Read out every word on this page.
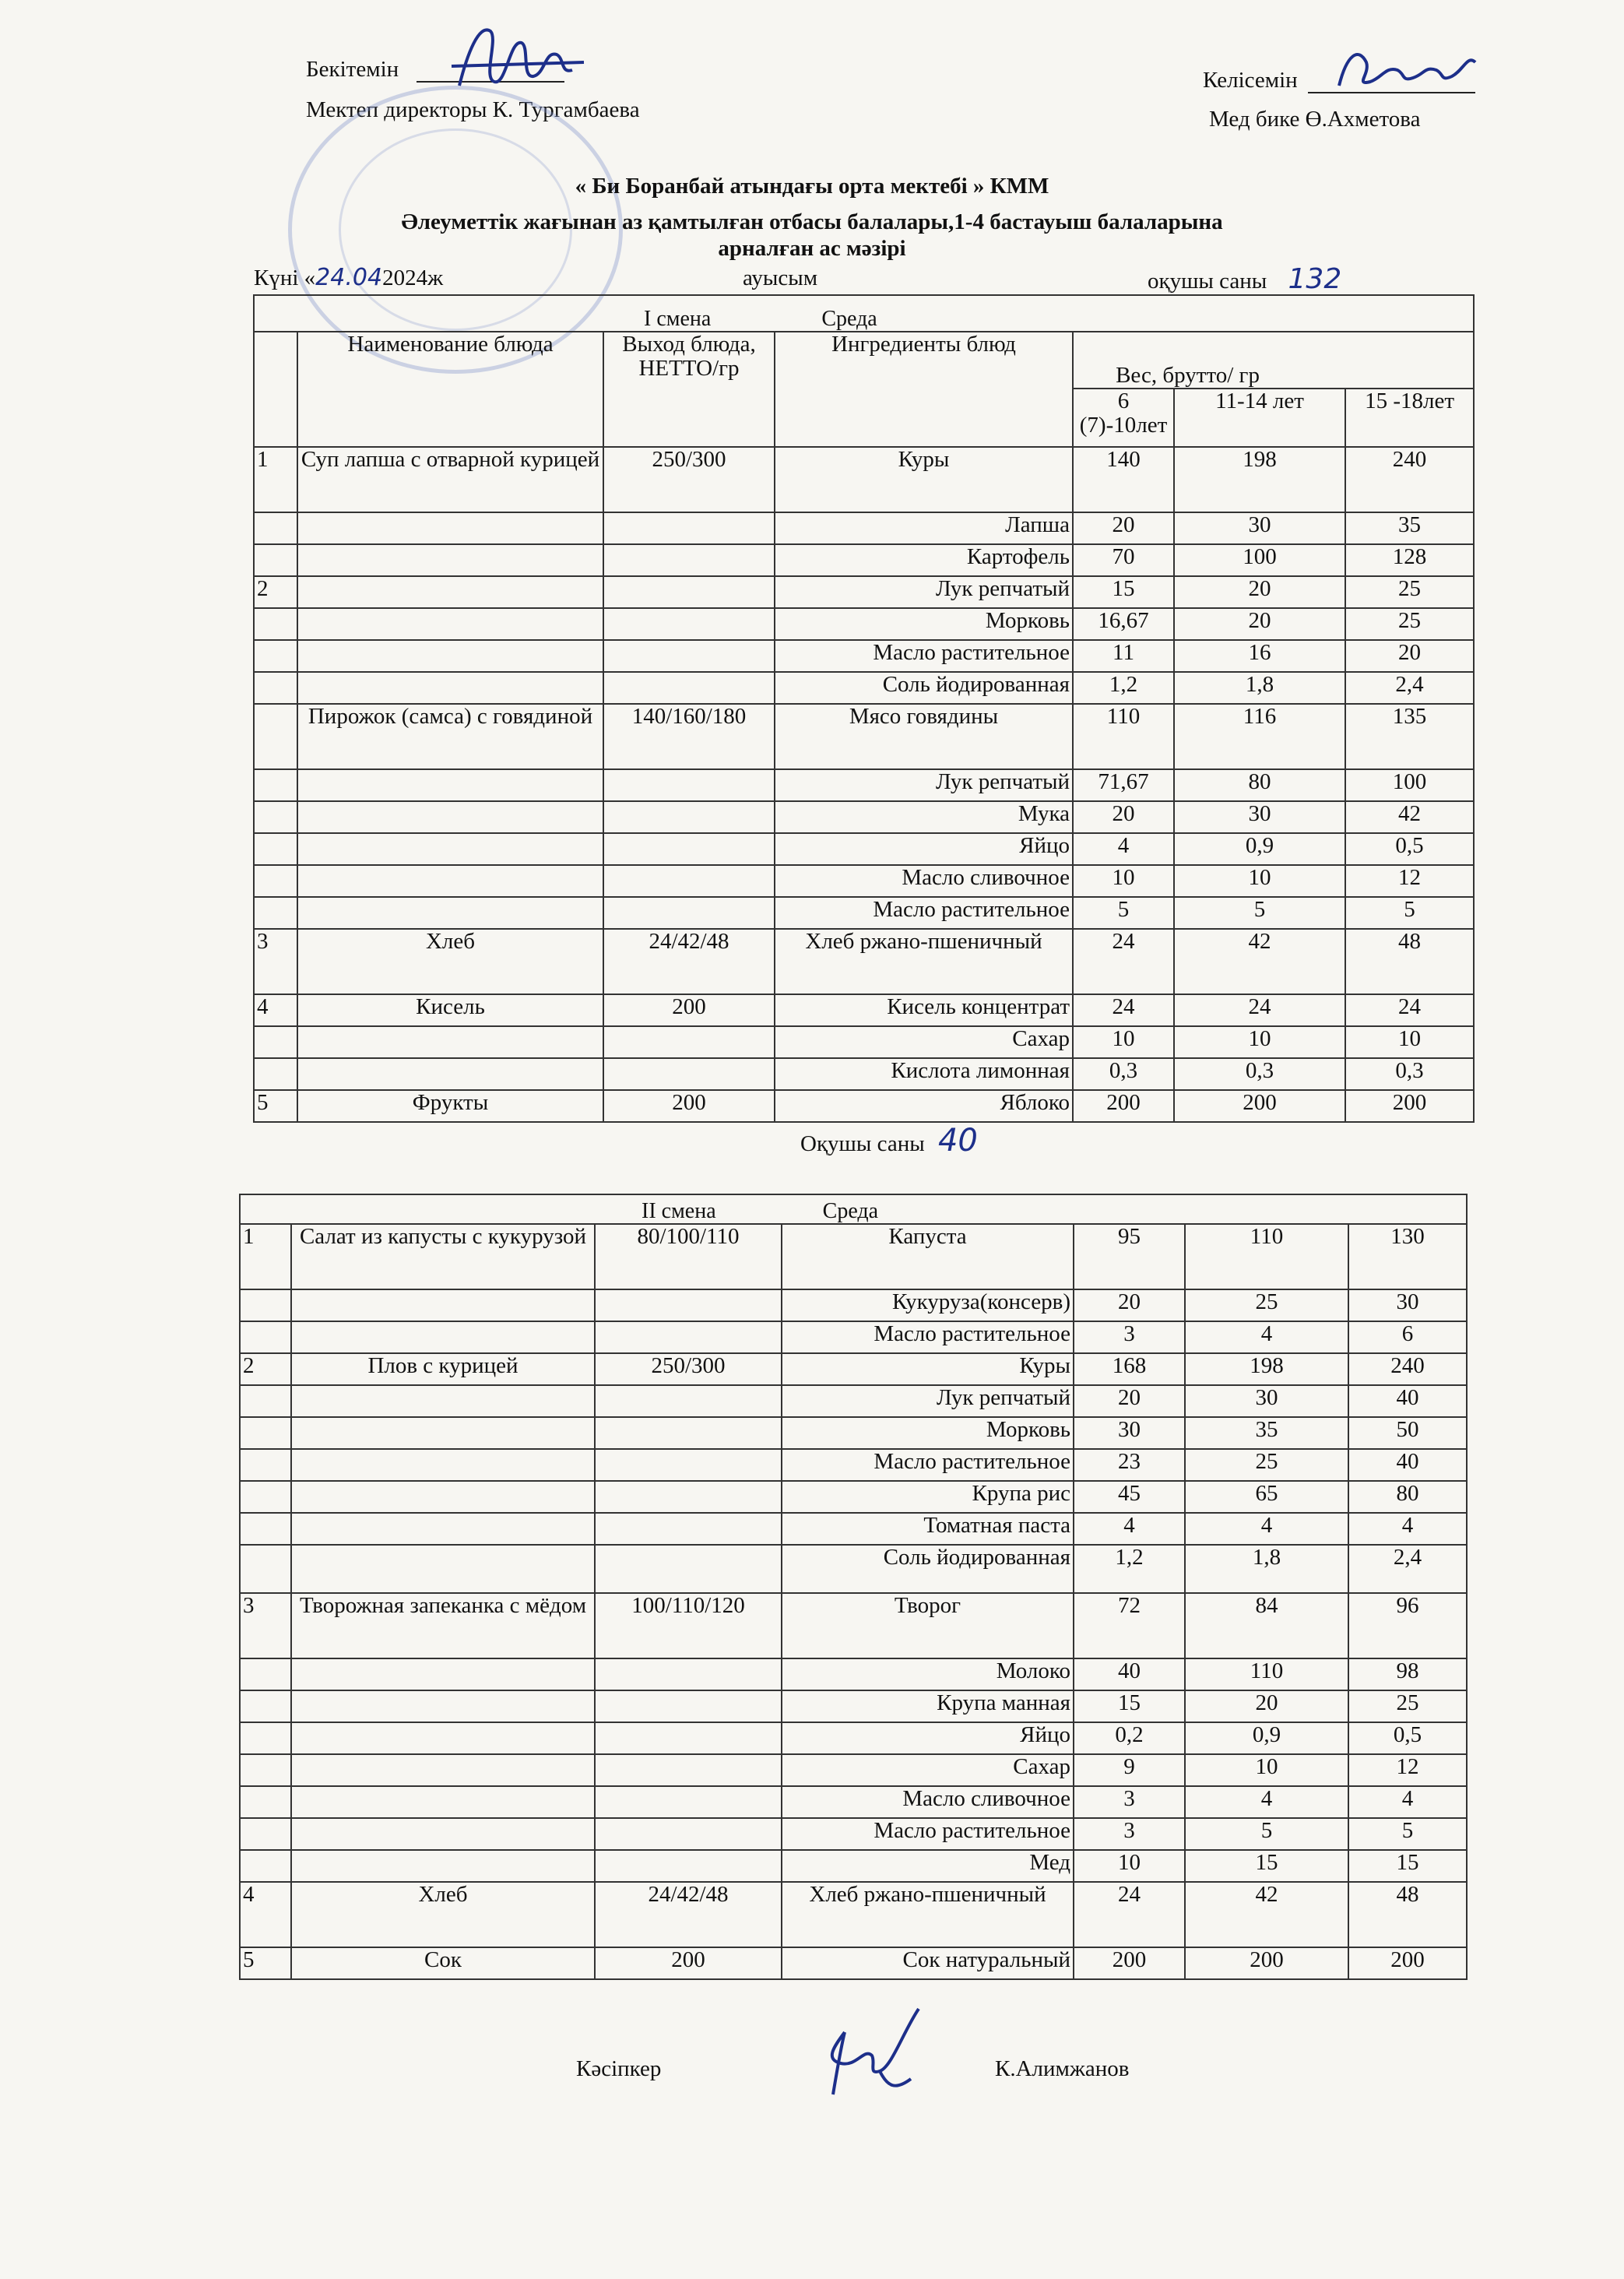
Бекітемін
Мектеп директоры К. Тургамбаева
Келісемін
Мед бике Ө.Ахметова
« Би Боранбай атындағы орта мектебі » КММ
Әлеуметтік жағынан аз қамтылған отбасы балалары,1-4 бастауыш балаларына
арналған ас мәзірі
Күні «24.042024ж	ауысым	оқушы саны 132
I смена Среда						
	Наименование блюда	Выход блюда, НЕТТО/гр	Ингредиенты блюд	Вес, брутто/ гр		
				6 (7)-10лет	11-14 лет	15 -18лет
1	Суп лапша с отварной курицей	250/300	Куры	140	198	240
			Лапша	20	30	35
			Картофель	70	100	128
2			Лук репчатый	15	20	25
			Морковь	16,67	20	25
			Масло растительное	11	16	20
			Соль йодированная	1,2	1,8	2,4
	Пирожок (самса) с говядиной	140/160/180	Мясо говядины	110	116	135
			Лук репчатый	71,67	80	100
			Мука	20	30	42
			Яйцо	4	0,9	0,5
			Масло сливочное	10	10	12
			Масло растительное	5	5	5
3	Хлеб	24/42/48	Хлеб ржано-пшеничный	24	42	48
4	Кисель	200	Кисель концентрат	24	24	24
			Сахар	10	10	10
			Кислота лимонная	0,3	0,3	0,3
5	Фрукты	200	Яблоко	200	200	200
Оқушы саны 40
II смена Среда						
1	Салат из капусты с кукурузой	80/100/110	Капуста	95	110	130
			Кукуруза(консерв)	20	25	30
			Масло растительное	3	4	6
2	Плов с курицей	250/300	Куры	168	198	240
			Лук репчатый	20	30	40
			Морковь	30	35	50
			Масло растительное	23	25	40
			Крупа рис	45	65	80
			Томатная паста	4	4	4
			Соль йодированная	1,2	1,8	2,4
3	Творожная запеканка с мёдом	100/110/120	Творог	72	84	96
			Молоко	40	110	98
			Крупа манная	15	20	25
			Яйцо	0,2	0,9	0,5
			Сахар	9	10	12
			Масло сливочное	3	4	4
			Масло растительное	3	5	5
			Мед	10	15	15
4	Хлеб	24/42/48	Хлеб ржано-пшеничный	24	42	48
5	Сок	200	Сок натуральный	200	200	200
Кәсіпкер	К.Алимжанов
